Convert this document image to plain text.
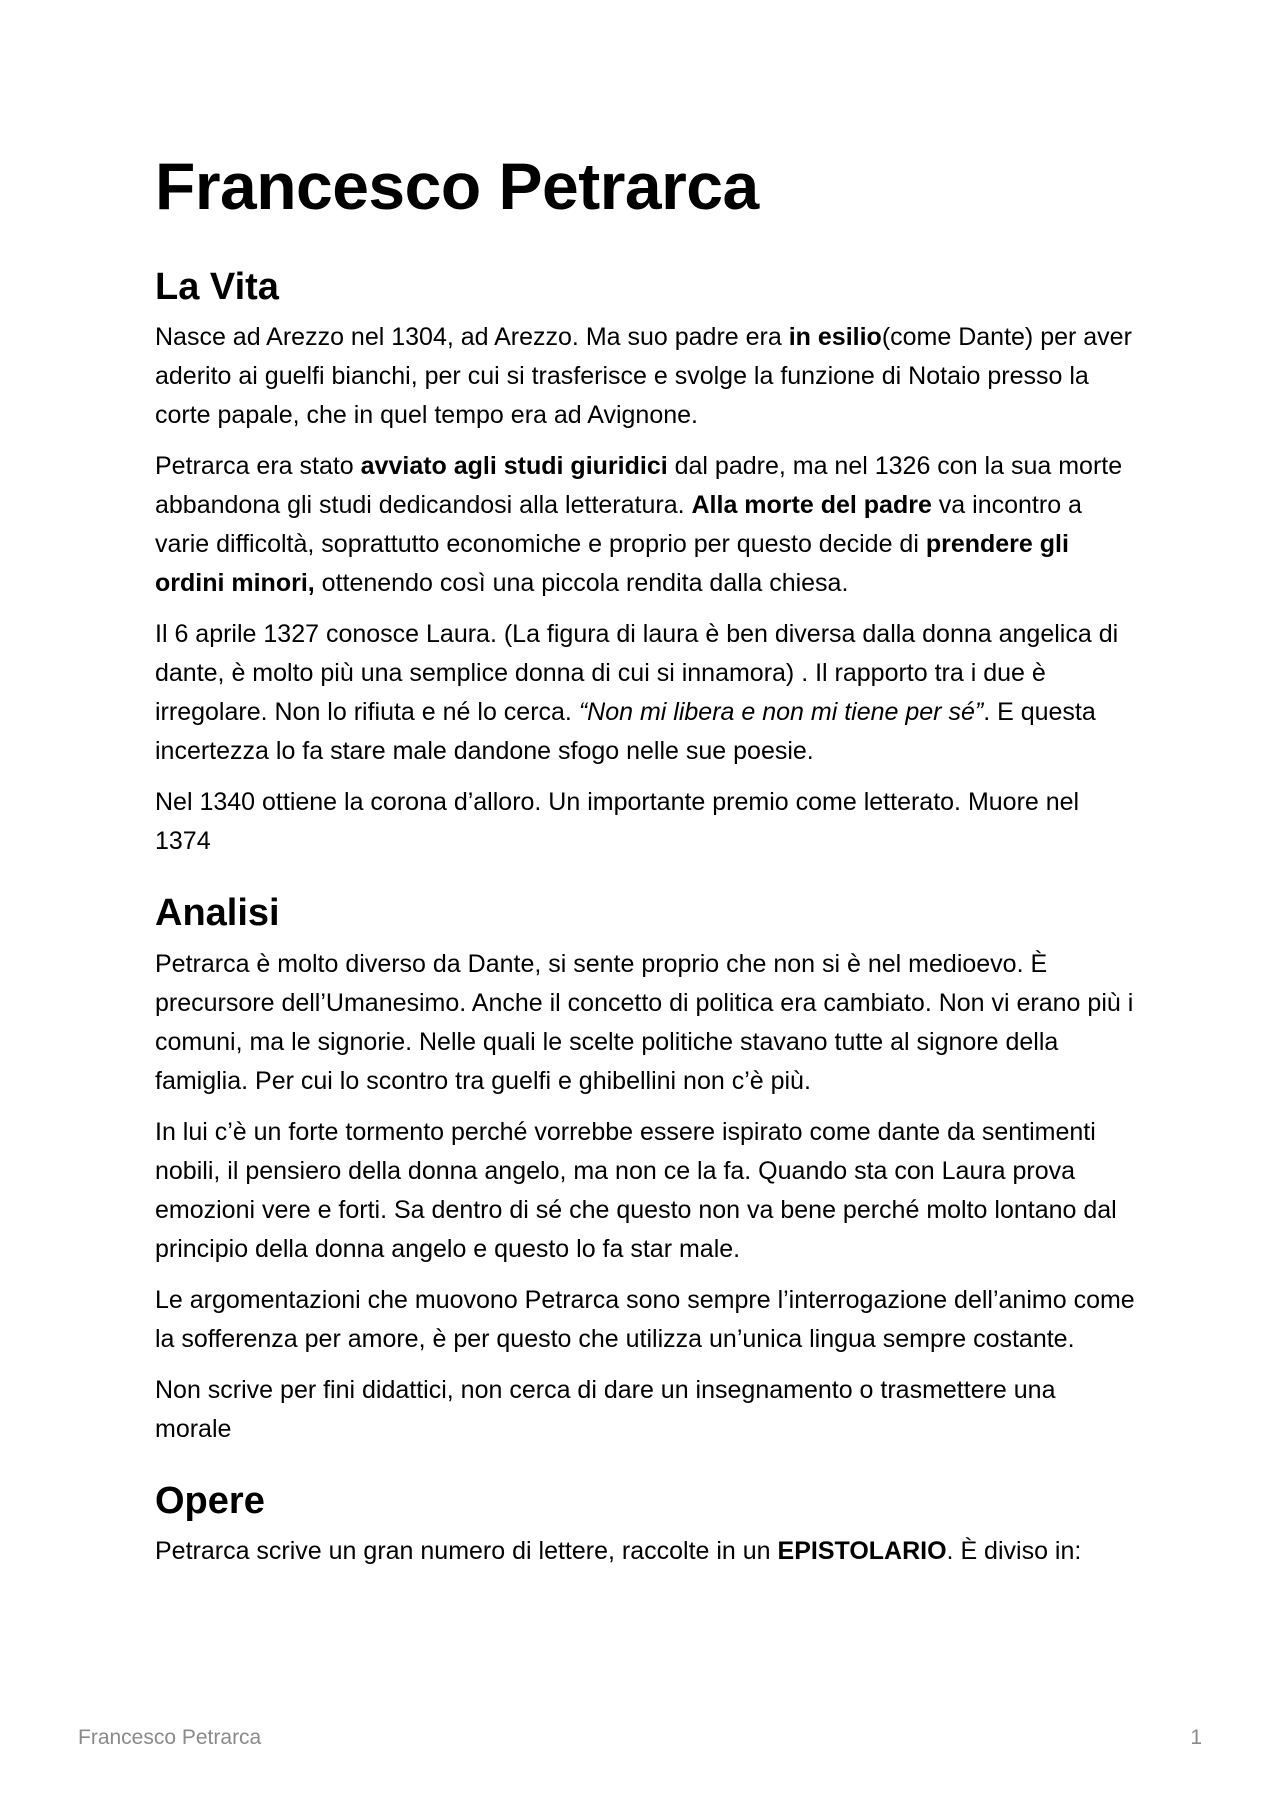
Francesco Petrarca
La Vita

Nasce ad Arezzo nel 1304, ad Arezzo. Ma suo padre era in esilio(come Dante) per aver aderito ai guelfi bianchi, per cui si trasferisce e svolge la funzione di Notaio presso la corte papale, che in quel tempo era ad Avignone.

Petrarca era stato avviato agli studi giuridici dal padre, ma nel 1326 con la sua morte abbandona gli studi dedicandosi alla letteratura. Alla morte del padre va incontro a varie difficoltà, soprattutto economiche e proprio per questo decide di prendere gli ordini minori, ottenendo così una piccola rendita dalla chiesa.

Il 6 aprile 1327 conosce Laura. (La figura di laura è ben diversa dalla donna angelica di dante, è molto più una semplice donna di cui si innamora) . Il rapporto tra i due è irregolare. Non lo rifiuta e né lo cerca. “Non mi libera e non mi tiene per sé”. E questa incertezza lo fa stare male dandone sfogo nelle sue poesie.

Nel 1340 ottiene la corona d’alloro. Un importante premio come letterato. Muore nel 1374

Analisi

Petrarca è molto diverso da Dante, si sente proprio che non si è nel medioevo. È precursore dell’Umanesimo. Anche il concetto di politica era cambiato. Non vi erano più i comuni, ma le signorie. Nelle quali le scelte politiche stavano tutte al signore della famiglia. Per cui lo scontro tra guelfi e ghibellini non c’è più.

In lui c’è un forte tormento perché vorrebbe essere ispirato come dante da sentimenti nobili, il pensiero della donna angelo, ma non ce la fa. Quando sta con Laura prova emozioni vere e forti. Sa dentro di sé che questo non va bene perché molto lontano dal principio della donna angelo e questo lo fa star male.

Le argomentazioni che muovono Petrarca sono sempre l’interrogazione dell’animo come la sofferenza per amore, è per questo che utilizza un’unica lingua sempre costante.

Non scrive per fini didattici, non cerca di dare un insegnamento o trasmettere una morale

Opere

Petrarca scrive un gran numero di lettere, raccolte in un EPISTOLARIO. È diviso in:

Francesco Petrarca	1
